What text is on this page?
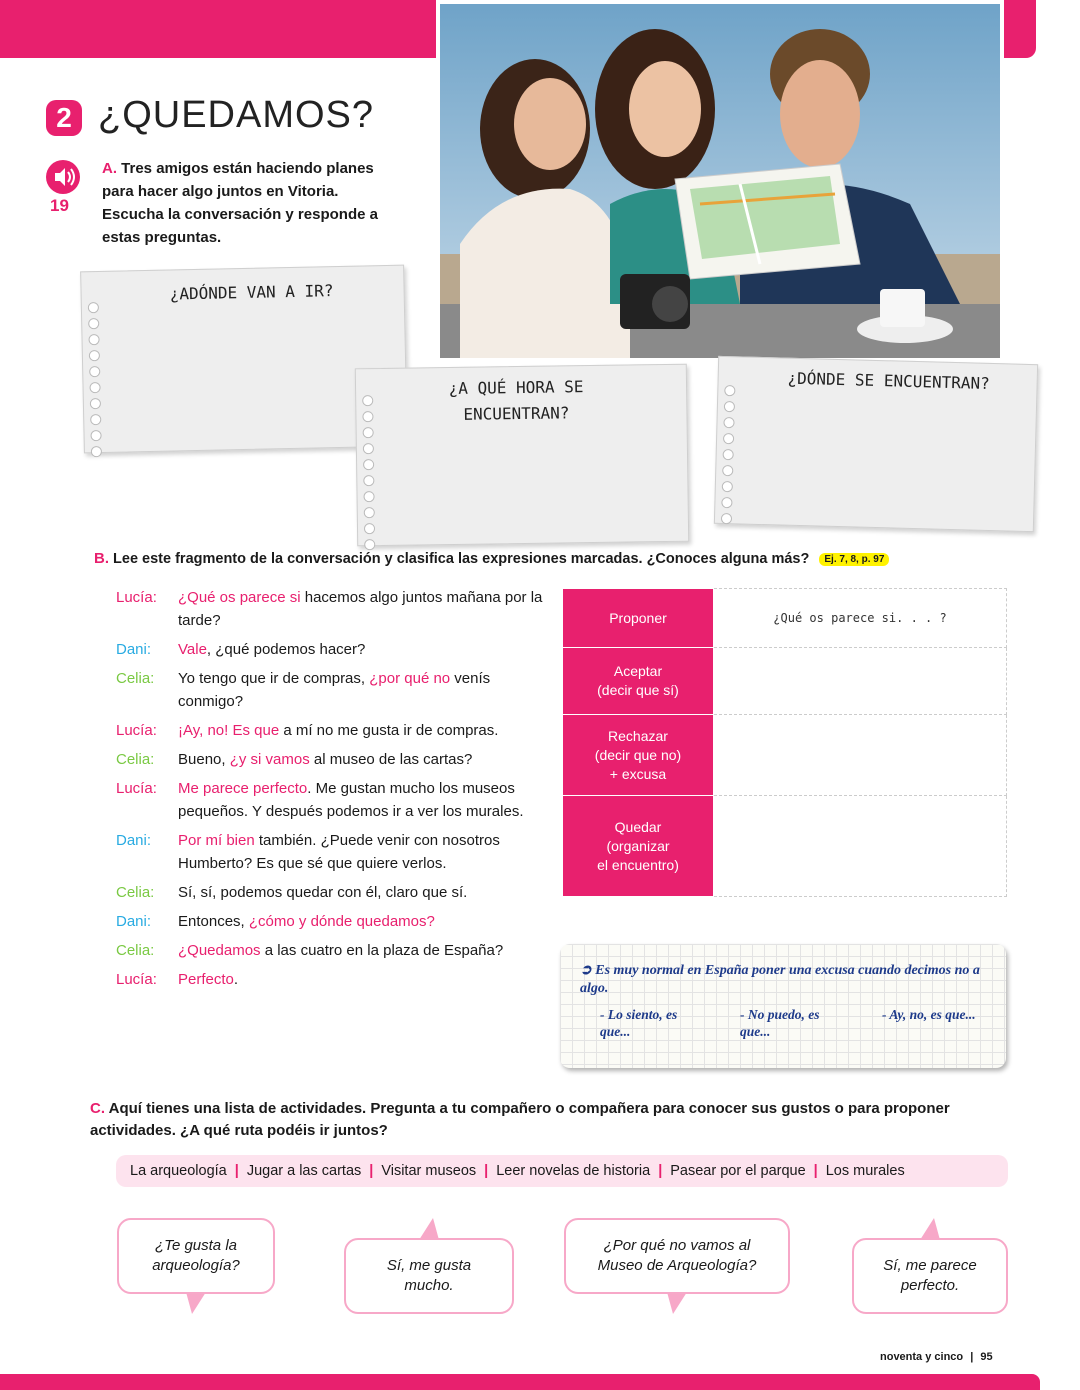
2 ¿QUEDAMOS?
19
A. Tres amigos están haciendo planes para hacer algo juntos en Vitoria. Escucha la conversación y responde a estas preguntas.
¿ADÓNDE VAN A IR?
¿A QUÉ HORA SE ENCUENTRAN?
¿DÓNDE SE ENCUENTRAN?
B. Lee este fragmento de la conversación y clasifica las expresiones marcadas. ¿Conoces alguna más? Ej. 7, 8, p. 97
Lucía:	¿Qué os parece si hacemos algo juntos mañana por la tarde?
Dani:	Vale, ¿qué podemos hacer?
Celia:	Yo tengo que ir de compras, ¿por qué no venís conmigo?
Lucía:	¡Ay, no! Es que a mí no me gusta ir de compras.
Celia:	Bueno, ¿y si vamos al museo de las cartas?
Lucía:	Me parece perfecto. Me gustan mucho los museos pequeños. Y después podemos ir a ver los murales.
Dani:	Por mí bien también. ¿Puede venir con nosotros Humberto? Es que sé que quiere verlos.
Celia:	Sí, sí, podemos quedar con él, claro que sí.
Dani:	Entonces, ¿cómo y dónde quedamos?
Celia:	¿Quedamos a las cuatro en la plaza de España?
Lucía:	Perfecto.
Proponer	¿Qué os parece si. . . ?

Aceptar
(decir que sí)	

Rechazar
(decir que no)
+ excusa	

Quedar
(organizar
el encuentro)	

➲ Es muy normal en España poner una excusa cuando decimos no a algo.
- Lo siento, es que...
- No puedo, es que...
- Ay, no, es que...
C. Aquí tienes una lista de actividades. Pregunta a tu compañero o compañera para conocer sus gustos o para proponer actividades. ¿A qué ruta podéis ir juntos?
La arqueología | Jugar a las cartas | Visitar museos | Leer novelas de historia | Pasear por el parque | Los murales
¿Te gusta la arqueología?	Sí, me gusta mucho.
¿Por qué no vamos al Museo de Arqueología?	Sí, me parece perfecto.
noventa y cinco | 95
